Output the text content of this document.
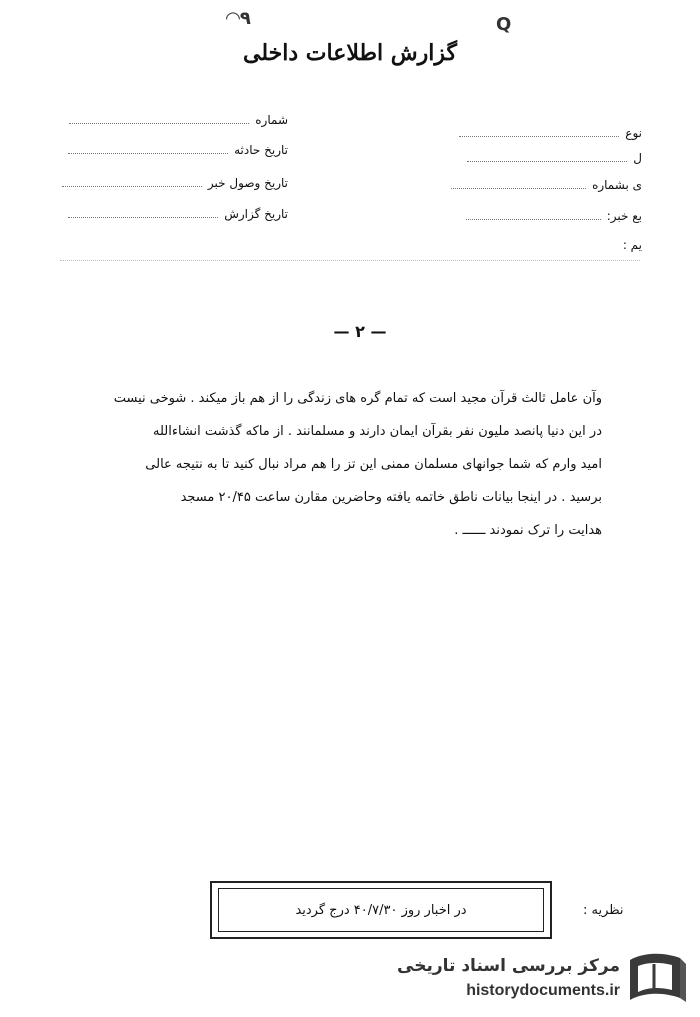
◠٩	Q
گزارش اطلاعات داخلی
نوع
ل
ی بشماره
بع خبر:
یم :
شماره
تاریخ حادثه
تاریخ وصول خبر
تاریخ گزارش
— ۲ —

وآن عامل ثالث قرآن مجید است که تمام گره های زندگی را از هم باز میکند . شوخی نیست

در این دنیا پانصد ملیون نفر بقرآن ایمان دارند و مسلمانند . از ماکه گذشت انشاءالله

امید وارم که شما جوانهای مسلمان ممنی این تز را هم مراد نبال کنید تا به نتیجه عالی

برسید . در اینجا بیانات ناطق خاتمه یافته وحاضرین مقارن ساعت ۲۰/۴۵ مسجد

هدایت را ترک نمودند ــــــ .

در اخبار روز ۴۰/۷/۳۰ درج گردید	نظریه :
مرکز بررسی اسناد تاریخی
historydocuments.ir
